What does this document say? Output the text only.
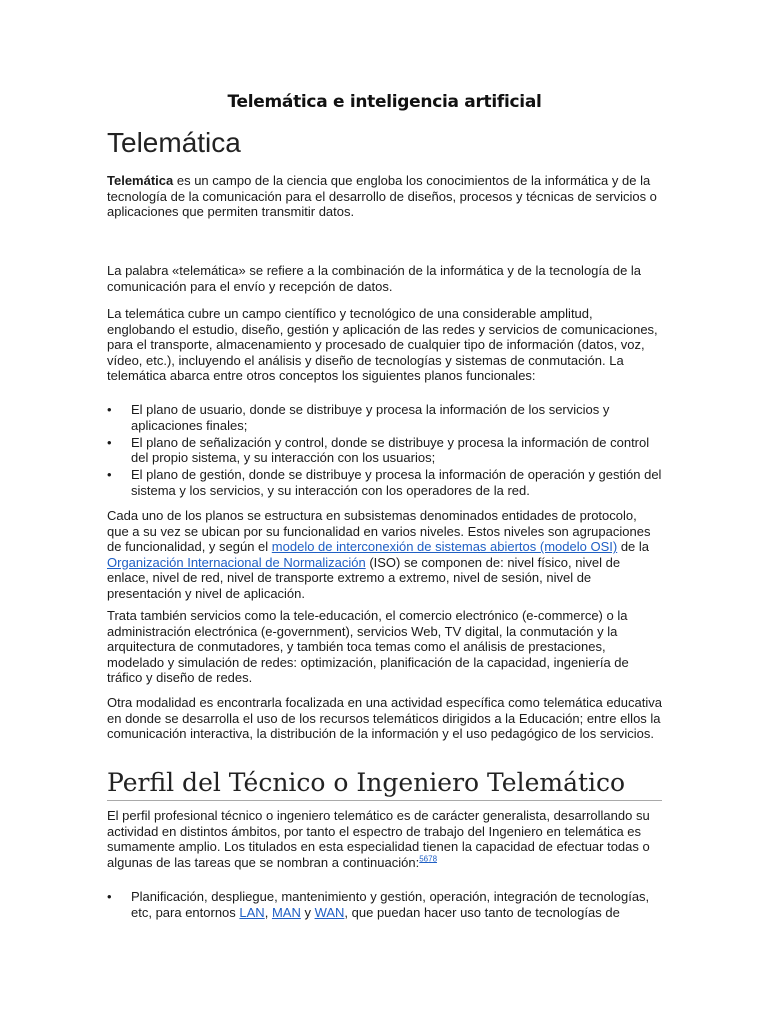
Telemática e inteligencia artificial
Telemática
Telemática es un campo de la ciencia que engloba los conocimientos de la informática y de la tecnología de la comunicación para el desarrollo de diseños, procesos y técnicas de servicios o aplicaciones que permiten transmitir datos.
La palabra «telemática» se refiere a la combinación de la informática y de la tecnología de la comunicación para el envío y recepción de datos.
La telemática cubre un campo científico y tecnológico de una considerable amplitud, englobando el estudio, diseño, gestión y aplicación de las redes y servicios de comunicaciones, para el transporte, almacenamiento y procesado de cualquier tipo de información (datos, voz, vídeo, etc.), incluyendo el análisis y diseño de tecnologías y sistemas de conmutación. La telemática abarca entre otros conceptos los siguientes planos funcionales:
• El plano de usuario, donde se distribuye y procesa la información de los servicios y aplicaciones finales;
• El plano de señalización y control, donde se distribuye y procesa la información de control del propio sistema, y su interacción con los usuarios;
• El plano de gestión, donde se distribuye y procesa la información de operación y gestión del sistema y los servicios, y su interacción con los operadores de la red.
Cada uno de los planos se estructura en subsistemas denominados entidades de protocolo, que a su vez se ubican por su funcionalidad en varios niveles. Estos niveles son agrupaciones de funcionalidad, y según el modelo de interconexión de sistemas abiertos (modelo OSI) de la Organización Internacional de Normalización (ISO) se componen de: nivel físico, nivel de enlace, nivel de red, nivel de transporte extremo a extremo, nivel de sesión, nivel de presentación y nivel de aplicación.
Trata también servicios como la tele-educación, el comercio electrónico (e-commerce) o la administración electrónica (e-government), servicios Web, TV digital, la conmutación y la arquitectura de conmutadores, y también toca temas como el análisis de prestaciones, modelado y simulación de redes: optimización, planificación de la capacidad, ingeniería de tráfico y diseño de redes.
Otra modalidad es encontrarla focalizada en una actividad específica como telemática educativa en donde se desarrolla el uso de los recursos telemáticos dirigidos a la Educación; entre ellos la comunicación interactiva, la distribución de la información y el uso pedagógico de los servicios.
Perfil del Técnico o Ingeniero Telemático
El perfil profesional técnico o ingeniero telemático es de carácter generalista, desarrollando su actividad en distintos ámbitos, por tanto el espectro de trabajo del Ingeniero en telemática es sumamente amplio. Los titulados en esta especialidad tienen la capacidad de efectuar todas o algunas de las tareas que se nombran a continuación:$^{5678}$
• Planificación, despliegue, mantenimiento y gestión, operación, integración de tecnologías, etc, para entornos LAN, MAN y WAN, que puedan hacer uso tanto de tecnologías de
